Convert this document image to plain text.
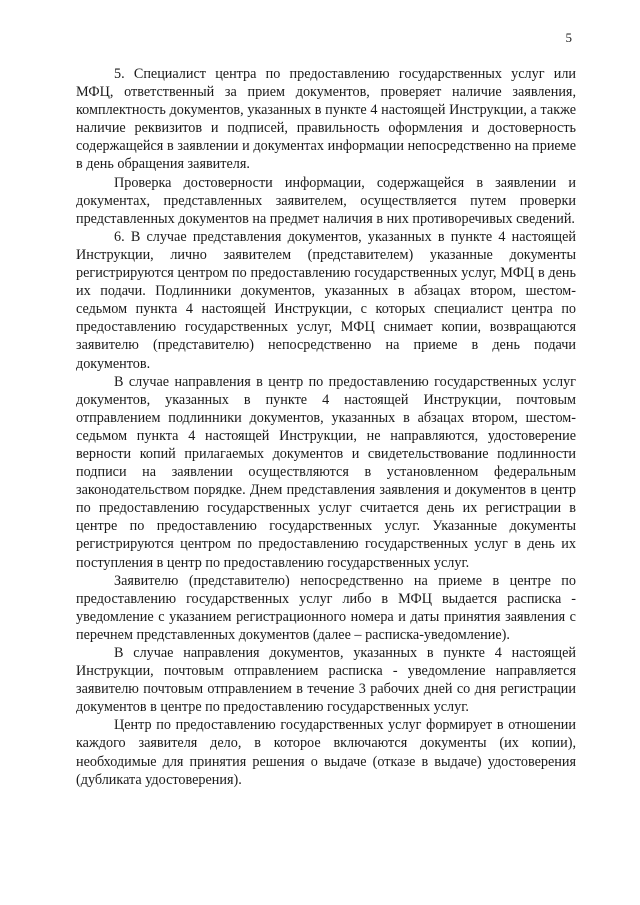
5

5. Специалист центра по предоставлению государственных услуг или МФЦ, ответственный за прием документов, проверяет наличие заявления, комплектность документов, указанных в пункте 4 настоящей Инструкции, а также наличие реквизитов и подписей, правильность оформления и достоверность содержащейся в заявлении и документах информации непосредственно на приеме в день обращения заявителя.

Проверка достоверности информации, содержащейся в заявлении и документах, представленных заявителем, осуществляется путем проверки представленных документов на предмет наличия в них противоречивых сведений.

6. В случае представления документов, указанных в пункте 4 настоящей Инструкции, лично заявителем (представителем) указанные документы регистрируются центром по предоставлению государственных услуг, МФЦ в день их подачи. Подлинники документов, указанных в абзацах втором, шестом-седьмом пункта 4 настоящей Инструкции, с которых специалист центра по предоставлению государственных услуг, МФЦ снимает копии, возвращаются заявителю (представителю) непосредственно на приеме в день подачи документов.

В случае направления в центр по предоставлению государственных услуг документов, указанных в пункте 4 настоящей Инструкции, почтовым отправлением подлинники документов, указанных в абзацах втором, шестом-седьмом пункта 4 настоящей Инструкции, не направляются, удостоверение верности копий прилагаемых документов и свидетельствование подлинности подписи на заявлении осуществляются в установленном федеральным законодательством порядке. Днем представления заявления и документов в центр по предоставлению государственных услуг считается день их регистрации в центре по предоставлению государственных услуг. Указанные документы регистрируются центром по предоставлению государственных услуг в день их поступления в центр по предоставлению государственных услуг.

Заявителю (представителю) непосредственно на приеме в центре по предоставлению государственных услуг либо в МФЦ выдается расписка - уведомление с указанием регистрационного номера и даты принятия заявления с перечнем представленных документов (далее – расписка-уведомление).

В случае направления документов, указанных в пункте 4 настоящей Инструкции, почтовым отправлением расписка - уведомление направляется заявителю почтовым отправлением в течение 3 рабочих дней со дня регистрации документов в центре по предоставлению государственных услуг.

Центр по предоставлению государственных услуг формирует в отношении каждого заявителя дело, в которое включаются документы (их копии), необходимые для принятия решения о выдаче (отказе в выдаче) удостоверения (дубликата удостоверения).
